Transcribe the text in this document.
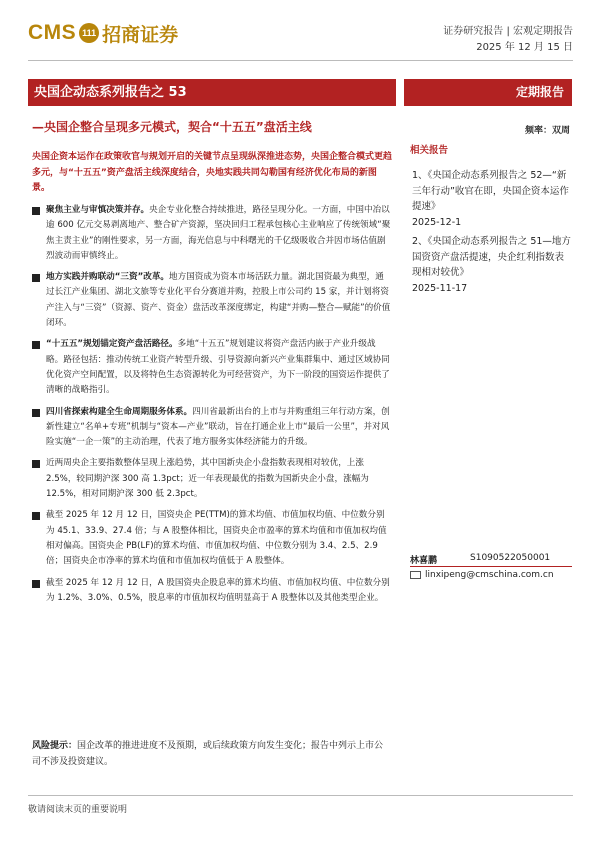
CMS 111 招商证券	证券研究报告 | 宏观定期报告
2025 年 12 月 15 日
央国企动态系列报告之 53	定期报告
—央国企整合呈现多元模式，契合“十五五”盘活主线	频率：双周
央国企资本运作在政策收官与规划开启的关键节点呈现纵深推进态势，央国企整合模式更趋多元，与“十五五”资产盘活主线深度结合，央地实践共同勾勒国有经济优化布局的新图景。
聚焦主业与审慎决策并存。央企专业化整合持续推进，路径呈现分化。一方面，中国中冶以逾 600 亿元交易剥离地产、整合矿产资源，坚决回归工程承包核心主业响应了传统领域“聚焦主责主业”的刚性要求，另一方面，海光信息与中科曙光的千亿级吸收合并因市场估值剧烈波动而审慎终止。
地方实践并购联动“三资”改革。地方国资成为资本市场活跃力量。湖北国资最为典型，通过长江产业集团、湖北文旅等专业化平台分赛道并购，控股上市公司约 15 家，并计划将资产注入与“三资”（资源、资产、资金）盘活改革深度绑定，构建“并购—整合—赋能”的价值闭环。
“十五五”规划锚定资产盘活路径。多地“十五五”规划建议将资产盘活内嵌于产业升级战略。路径包括：推动传统工业资产转型升级、引导资源向新兴产业集群集中、通过区域协同优化资产空间配置，以及将特色生态资源转化为可经营资产，为下一阶段的国资运作提供了清晰的战略指引。
四川省探索构建全生命周期服务体系。四川省最新出台的上市与并购重组三年行动方案，创新性建立“名单+专班”机制与“资本—产业”联动，旨在打通企业上市“最后一公里”，并对风险实施“一企一策”的主动治理，代表了地方服务实体经济能力的升级。
近两周央企主要指数整体呈现上涨趋势，其中国新央企小盘指数表现相对较优，上涨 2.5%，较同期沪深 300 高 1.3pct；近一年表现最优的指数为国新央企小盘，涨幅为 12.5%，相对同期沪深 300 低 2.3pct。
截至 2025 年 12 月 12 日，国资央企 PE(TTM)的算术均值、市值加权均值、中位数分别为 45.1、33.9、27.4 倍；与 A 股整体相比，国资央企市盈率的算术均值和市值加权均值相对偏高。国资央企 PB(LF)的算术均值、市值加权均值、中位数分别为 3.4、2.5、2.9 倍；国资央企市净率的算术均值和市值加权均值低于 A 股整体。
截至 2025 年 12 月 12 日，A 股国资央企股息率的算术均值、市值加权均值、中位数分别为 1.2%、3.0%、0.5%，股息率的市值加权均值明显高于 A 股整体以及其他类型企业。
相关报告
1、《央国企动态系列报告之 52—“新三年行动”收官在即，央国企资本运作提速》
2025-12-1
2、《央国企动态系列报告之 51—地方国资资产盘活提速，央企红利指数表现相对较优》
2025-11-17
林喜鹏	S1090522050001
linxipeng@cmschina.com.cn
风险提示：国企改革的推进进度不及预期，或后续政策方向发生变化；报告中列示上市公司不涉及投资建议。
敬请阅读末页的重要说明
